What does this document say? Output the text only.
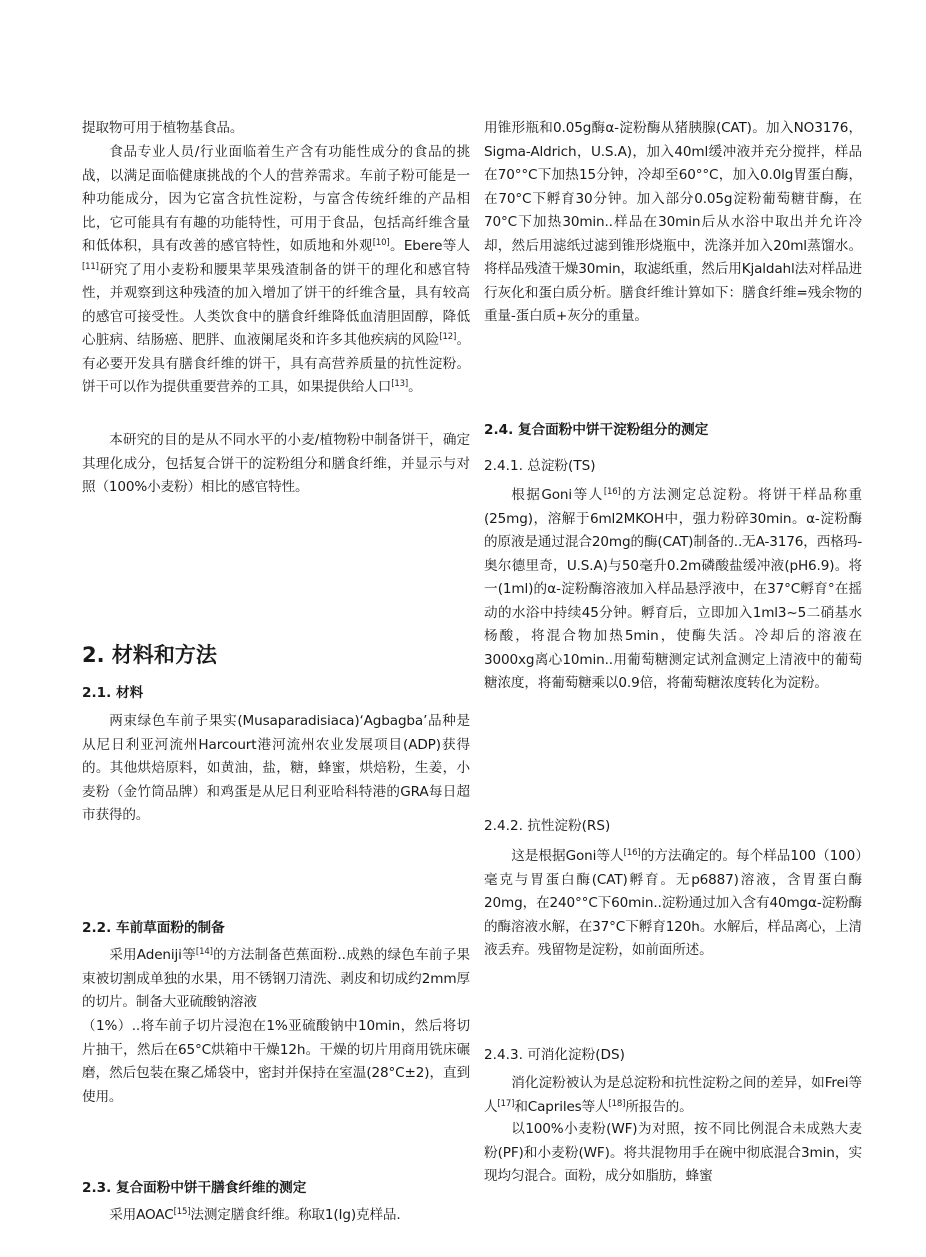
提取物可用于植物基食品。

食品专业人员/行业面临着生产含有功能性成分的食品的挑战，以满足面临健康挑战的个人的营养需求。车前子粉可能是一种功能成分，因为它富含抗性淀粉，与富含传统纤维的产品相比，它可能具有有趣的功能特性，可用于食品，包括高纤维含量和低体积，具有改善的感官特性，如质地和外观[10]。Ebere等人[11]研究了用小麦粉和腰果苹果残渣制备的饼干的理化和感官特性，并观察到这种残渣的加入增加了饼干的纤维含量，具有较高的感官可接受性。人类饮食中的膳食纤维降低血清胆固醇，降低心脏病、结肠癌、肥胖、血液阑尾炎和许多其他疾病的风险[12]。有必要开发具有膳食纤维的饼干，具有高营养质量的抗性淀粉。饼干可以作为提供重要营养的工具，如果提供给人口[13]。

本研究的目的是从不同水平的小麦/植物粉中制备饼干，确定其理化成分，包括复合饼干的淀粉组分和膳食纤维，并显示与对照（100%小麦粉）相比的感官特性。

2. 材料和方法
2.1. 材料

两束绿色车前子果实(Musaparadisiaca)‘Agbagba’品种是从尼日利亚河流州Harcourt港河流州农业发展项目(ADP)获得的。其他烘焙原料，如黄油，盐，糖，蜂蜜，烘焙粉，生姜，小麦粉（金竹筒品牌）和鸡蛋是从尼日利亚哈科特港的GRA每日超市获得的。

2.2. 车前草面粉的制备

采用Adeniji等[14]的方法制备芭蕉面粉..成熟的绿色车前子果束被切割成单独的水果，用不锈钢刀清洗、剥皮和切成约2mm厚的切片。制备大亚硫酸钠溶液

（1%）..将车前子切片浸泡在1%亚硫酸钠中10min，然后将切片抽干，然后在65°C烘箱中干燥12h。干燥的切片用商用铣床碾磨，然后包装在聚乙烯袋中，密封并保持在室温(28°C±2)，直到使用。

2.3. 复合面粉中饼干膳食纤维的测定

采用AOAC[15]法测定膳食纤维。称取1(Ig)克样品.

用锥形瓶和0.05g酶α-淀粉酶从猪胰腺(CAT)。加入NO3176，Sigma-Aldrich，U.S.A)，加入40ml缓冲液并充分搅拌，样品在70°°C下加热15分钟，冷却至60°°C，加入0.0lg胃蛋白酶，在70°C下孵育30分钟。加入部分0.05g淀粉葡萄糖苷酶，在70°C下加热30min..样品在30min后从水浴中取出并允许冷却，然后用滤纸过滤到锥形烧瓶中，洗涤并加入20ml蒸馏水。将样品残渣干燥30min，取滤纸重，然后用Kjaldahl法对样品进行灰化和蛋白质分析。膳食纤维计算如下：膳食纤维=残余物的重量-蛋白质+灰分的重量。

2.4. 复合面粉中饼干淀粉组分的测定
2.4.1. 总淀粉(TS)

根据Goni等人[16]的方法测定总淀粉。将饼干样品称重(25mg)，溶解于6ml2MKOH中，强力粉碎30min。α-淀粉酶的原液是通过混合20mg的酶(CAT)制备的..无A-3176，西格玛-奥尔德里奇，U.S.A)与50毫升0.2m磷酸盐缓冲液(pH6.9)。将一(1ml)的α-淀粉酶溶液加入样品悬浮液中，在37°C孵育°在摇动的水浴中持续45分钟。孵育后，立即加入1ml3~5二硝基水杨酸，将混合物加热5min，使酶失活。冷却后的溶液在3000xg离心10min..用葡萄糖测定试剂盒测定上清液中的葡萄糖浓度，将葡萄糖乘以0.9倍，将葡萄糖浓度转化为淀粉。

2.4.2. 抗性淀粉(RS)

这是根据Goni等人[16]的方法确定的。每个样品100（100）毫克与胃蛋白酶(CAT)孵育。无p6887)溶液，含胃蛋白酶20mg，在240°°C下60min..淀粉通过加入含有40mgα-淀粉酶的酶溶液水解，在37°C下孵育120h。水解后，样品离心，上清液丢弃。残留物是淀粉，如前面所述。

2.4.3. 可消化淀粉(DS)

消化淀粉被认为是总淀粉和抗性淀粉之间的差异，如Frei等人[17]和Capriles等人[18]所报告的。

以100%小麦粉(WF)为对照，按不同比例混合未成熟大麦粉(PF)和小麦粉(WF)。将共混物用手在碗中彻底混合3min，实现均匀混合。面粉，成分如脂肪，蜂蜜
